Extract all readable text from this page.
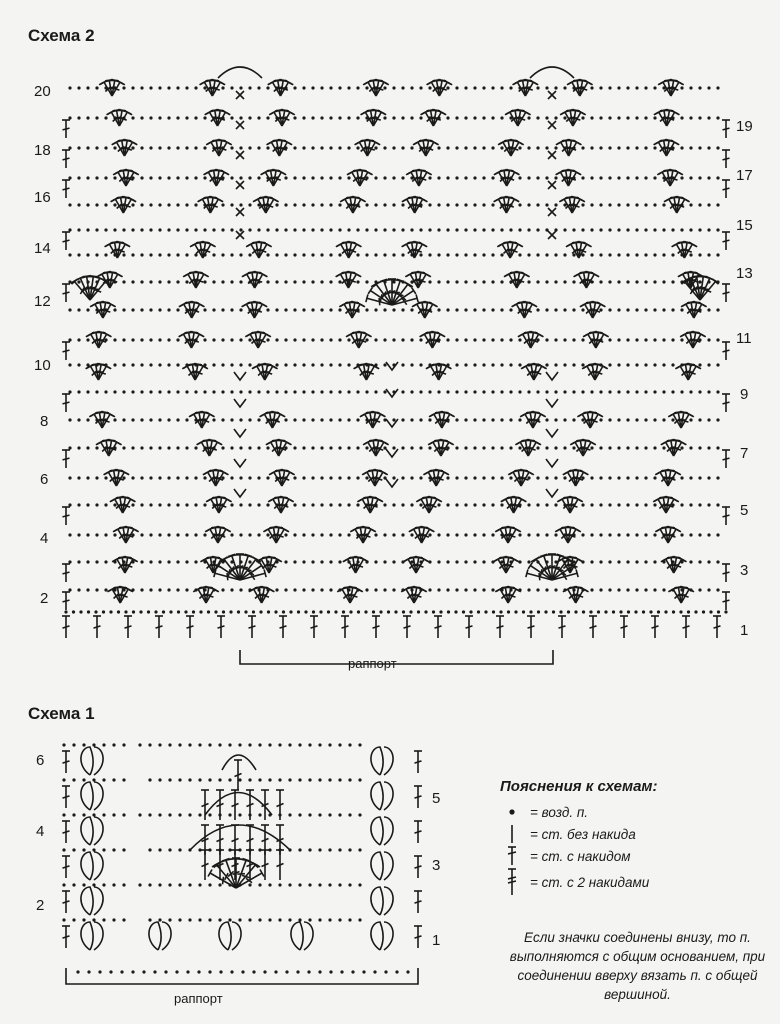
Схема 2
20
18
16
14
12
10
8
6
4
2
19
17
15
13
11
9
7
5
3
1
раппорт
Схема 1
6
4
2
5
3
1
раппорт
Пояснения к схемам:
= возд. п.
= ст. без накида
= ст. с накидом
= ст. с 2 накидами
Если значки соединены внизу, то п. выполняются с общим основанием, при соединении вверху вязать п. с общей вершиной.
